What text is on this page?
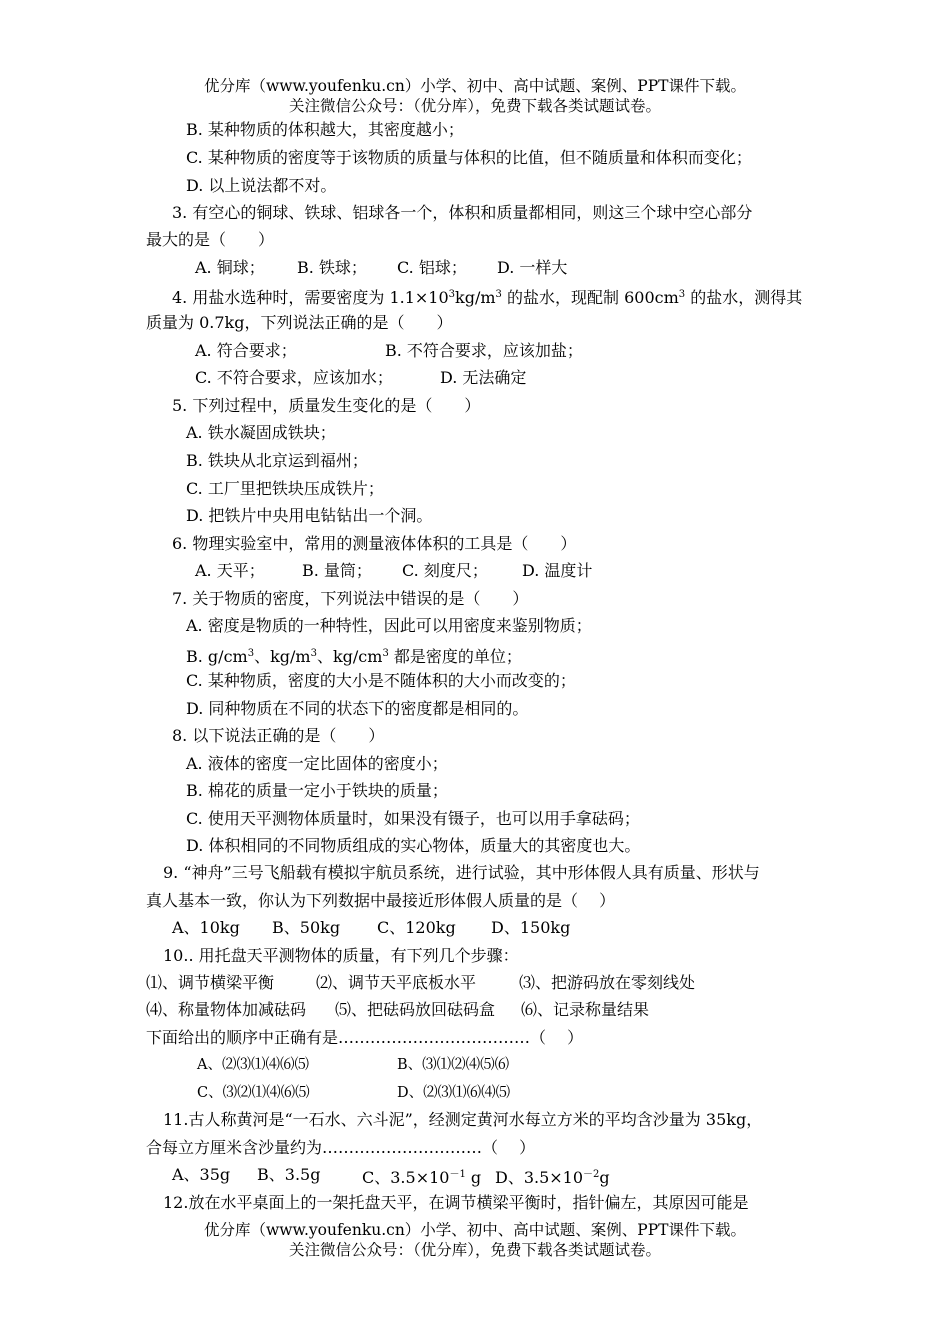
优分库（www.youfenku.cn）小学、初中、高中试题、案例、PPT课件下载。
关注微信公众号：（优分库），免费下载各类试题试卷。
B. 某种物质的体积越大，其密度越小；
C. 某种物质的密度等于该物质的质量与体积的比值，但不随质量和体积而变化；
D. 以上说法都不对。
3. 有空心的铜球、铁球、铝球各一个，体积和质量都相同，则这三个球中空心部分
最大的是（　　）
A. 铜球； B. 铁球； C. 铝球； D. 一样大
4. 用盐水选种时，需要密度为 $1.1\times 10^3kg/m^3$ 的盐水，现配制 $600cm^3$ 的盐水，测得其
质量为 0.7kg，下列说法正确的是（　　）
A. 符合要求；	B. 不符合要求，应该加盐；
C. 不符合要求，应该加水；	D. 无法确定
5. 下列过程中，质量发生变化的是（　　）
A. 铁水凝固成铁块；
B. 铁块从北京运到福州；
C. 工厂里把铁块压成铁片；
D. 把铁片中央用电钻钻出一个洞。
6. 物理实验室中，常用的测量液体体积的工具是（　　）
A. 天平； B. 量筒； C. 刻度尺； D. 温度计
7. 关于物质的密度，下列说法中错误的是（　　）
A. 密度是物质的一种特性，因此可以用密度来鉴别物质；
B. $g/cm^3$、$kg/m^3$、$kg/cm^3$ 都是密度的单位；
C. 某种物质，密度的大小是不随体积的大小而改变的；
D. 同种物质在不同的状态下的密度都是相同的。
8. 以下说法正确的是（　　）
A. 液体的密度一定比固体的密度小；
B. 棉花的质量一定小于铁块的质量；
C. 使用天平测物体质量时，如果没有镊子，也可以用手拿砝码；
D. 体积相同的不同物质组成的实心物体，质量大的其密度也大。
9. “神舟”三号飞船载有模拟宇航员系统，进行试验，其中形体假人具有质量、形状与
真人基本一致，你认为下列数据中最接近形体假人质量的是（　 ）
A、10kg B、50kg C、120kg D、150kg
10.. 用托盘天平测物体的质量，有下列几个步骤：
⑴、调节横梁平衡	⑵、调节天平底板水平	⑶、把游码放在零刻线处
⑷、称量物体加减砝码 ⑸、把砝码放回砝码盒 ⑹、记录称量结果
下面给出的顺序中正确有是………………………………（　 ）
A、⑵⑶⑴⑷⑹⑸	B、⑶⑴⑵⑷⑸⑹
C、⑶⑵⑴⑷⑹⑸	D、⑵⑶⑴⑹⑷⑸
11.古人称黄河是“一石水、六斗泥”，经测定黄河水每立方米的平均含沙量为 35kg，
合每立方厘米含沙量约为…………………………（　 ）
A、35g B、3.5g	C、$3.5\times 10^{-1}$ g D、$3.5\times 10^{-2}g$
12.放在水平桌面上的一架托盘天平，在调节横梁平衡时，指针偏左，其原因可能是
优分库（www.youfenku.cn）小学、初中、高中试题、案例、PPT课件下载。
关注微信公众号：（优分库），免费下载各类试题试卷。
